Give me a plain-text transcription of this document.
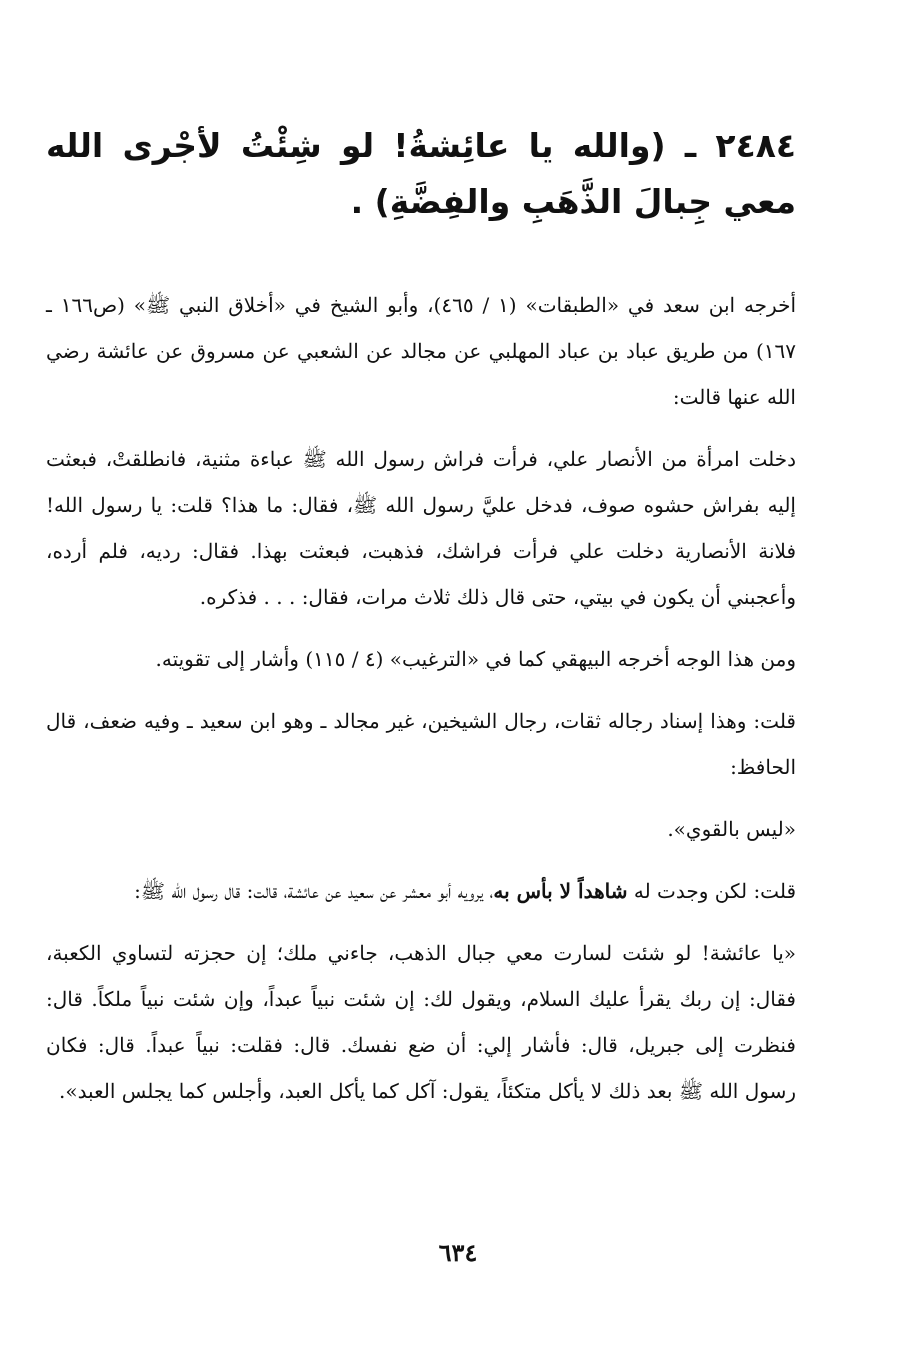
٢٤٨٤ ـ (والله يا عائِشةُ! لو شِئْتُ لأجْرى الله معي جِبالَ الذَّهَبِ والفِضَّةِ) .

أخرجه ابن سعد في «الطبقات» (١ / ٤٦٥)، وأبو الشيخ في «أخلاق النبي ﷺ» (ص١٦٦ ـ ١٦٧) من طريق عباد بن عباد المهلبي عن مجالد عن الشعبي عن مسروق عن عائشة رضي الله عنها قالت:

دخلت امرأة من الأنصار علي، فرأت فراش رسول الله ﷺ عباءة مثنية، فانطلقتْ، فبعثت إليه بفراش حشوه صوف، فدخل عليَّ رسول الله ﷺ، فقال: ما هذا؟ قلت: يا رسول الله! فلانة الأنصارية دخلت علي فرأت فراشك، فذهبت، فبعثت بهذا. فقال: رديه، فلم أرده، وأعجبني أن يكون في بيتي، حتى قال ذلك ثلاث مرات، فقال: . . . فذكره.

ومن هذا الوجه أخرجه البيهقي كما في «الترغيب» (٤ / ١١٥) وأشار إلى تقويته.

قلت: وهذا إسناد رجاله ثقات، رجال الشيخين، غير مجالد ـ وهو ابن سعيد ـ وفيه ضعف، قال الحافظ:

«ليس بالقوي».

قلت: لكن وجدت له شاهداً لا بأس به، يرويه أبو معشر عن سعيد عن عائشة، قالت: قال رسول الله ﷺ:

«يا عائشة! لو شئت لسارت معي جبال الذهب، جاءني ملك؛ إن حجزته لتساوي الكعبة، فقال: إن ربك يقرأ عليك السلام، ويقول لك: إن شئت نبياً عبداً، وإن شئت نبياً ملكاً. قال: فنظرت إلى جبريل، قال: فأشار إلي: أن ضع نفسك. قال: فقلت: نبياً عبداً. قال: فكان رسول الله ﷺ بعد ذلك لا يأكل متكئاً، يقول: آكل كما يأكل العبد، وأجلس كما يجلس العبد».

٦٣٤
